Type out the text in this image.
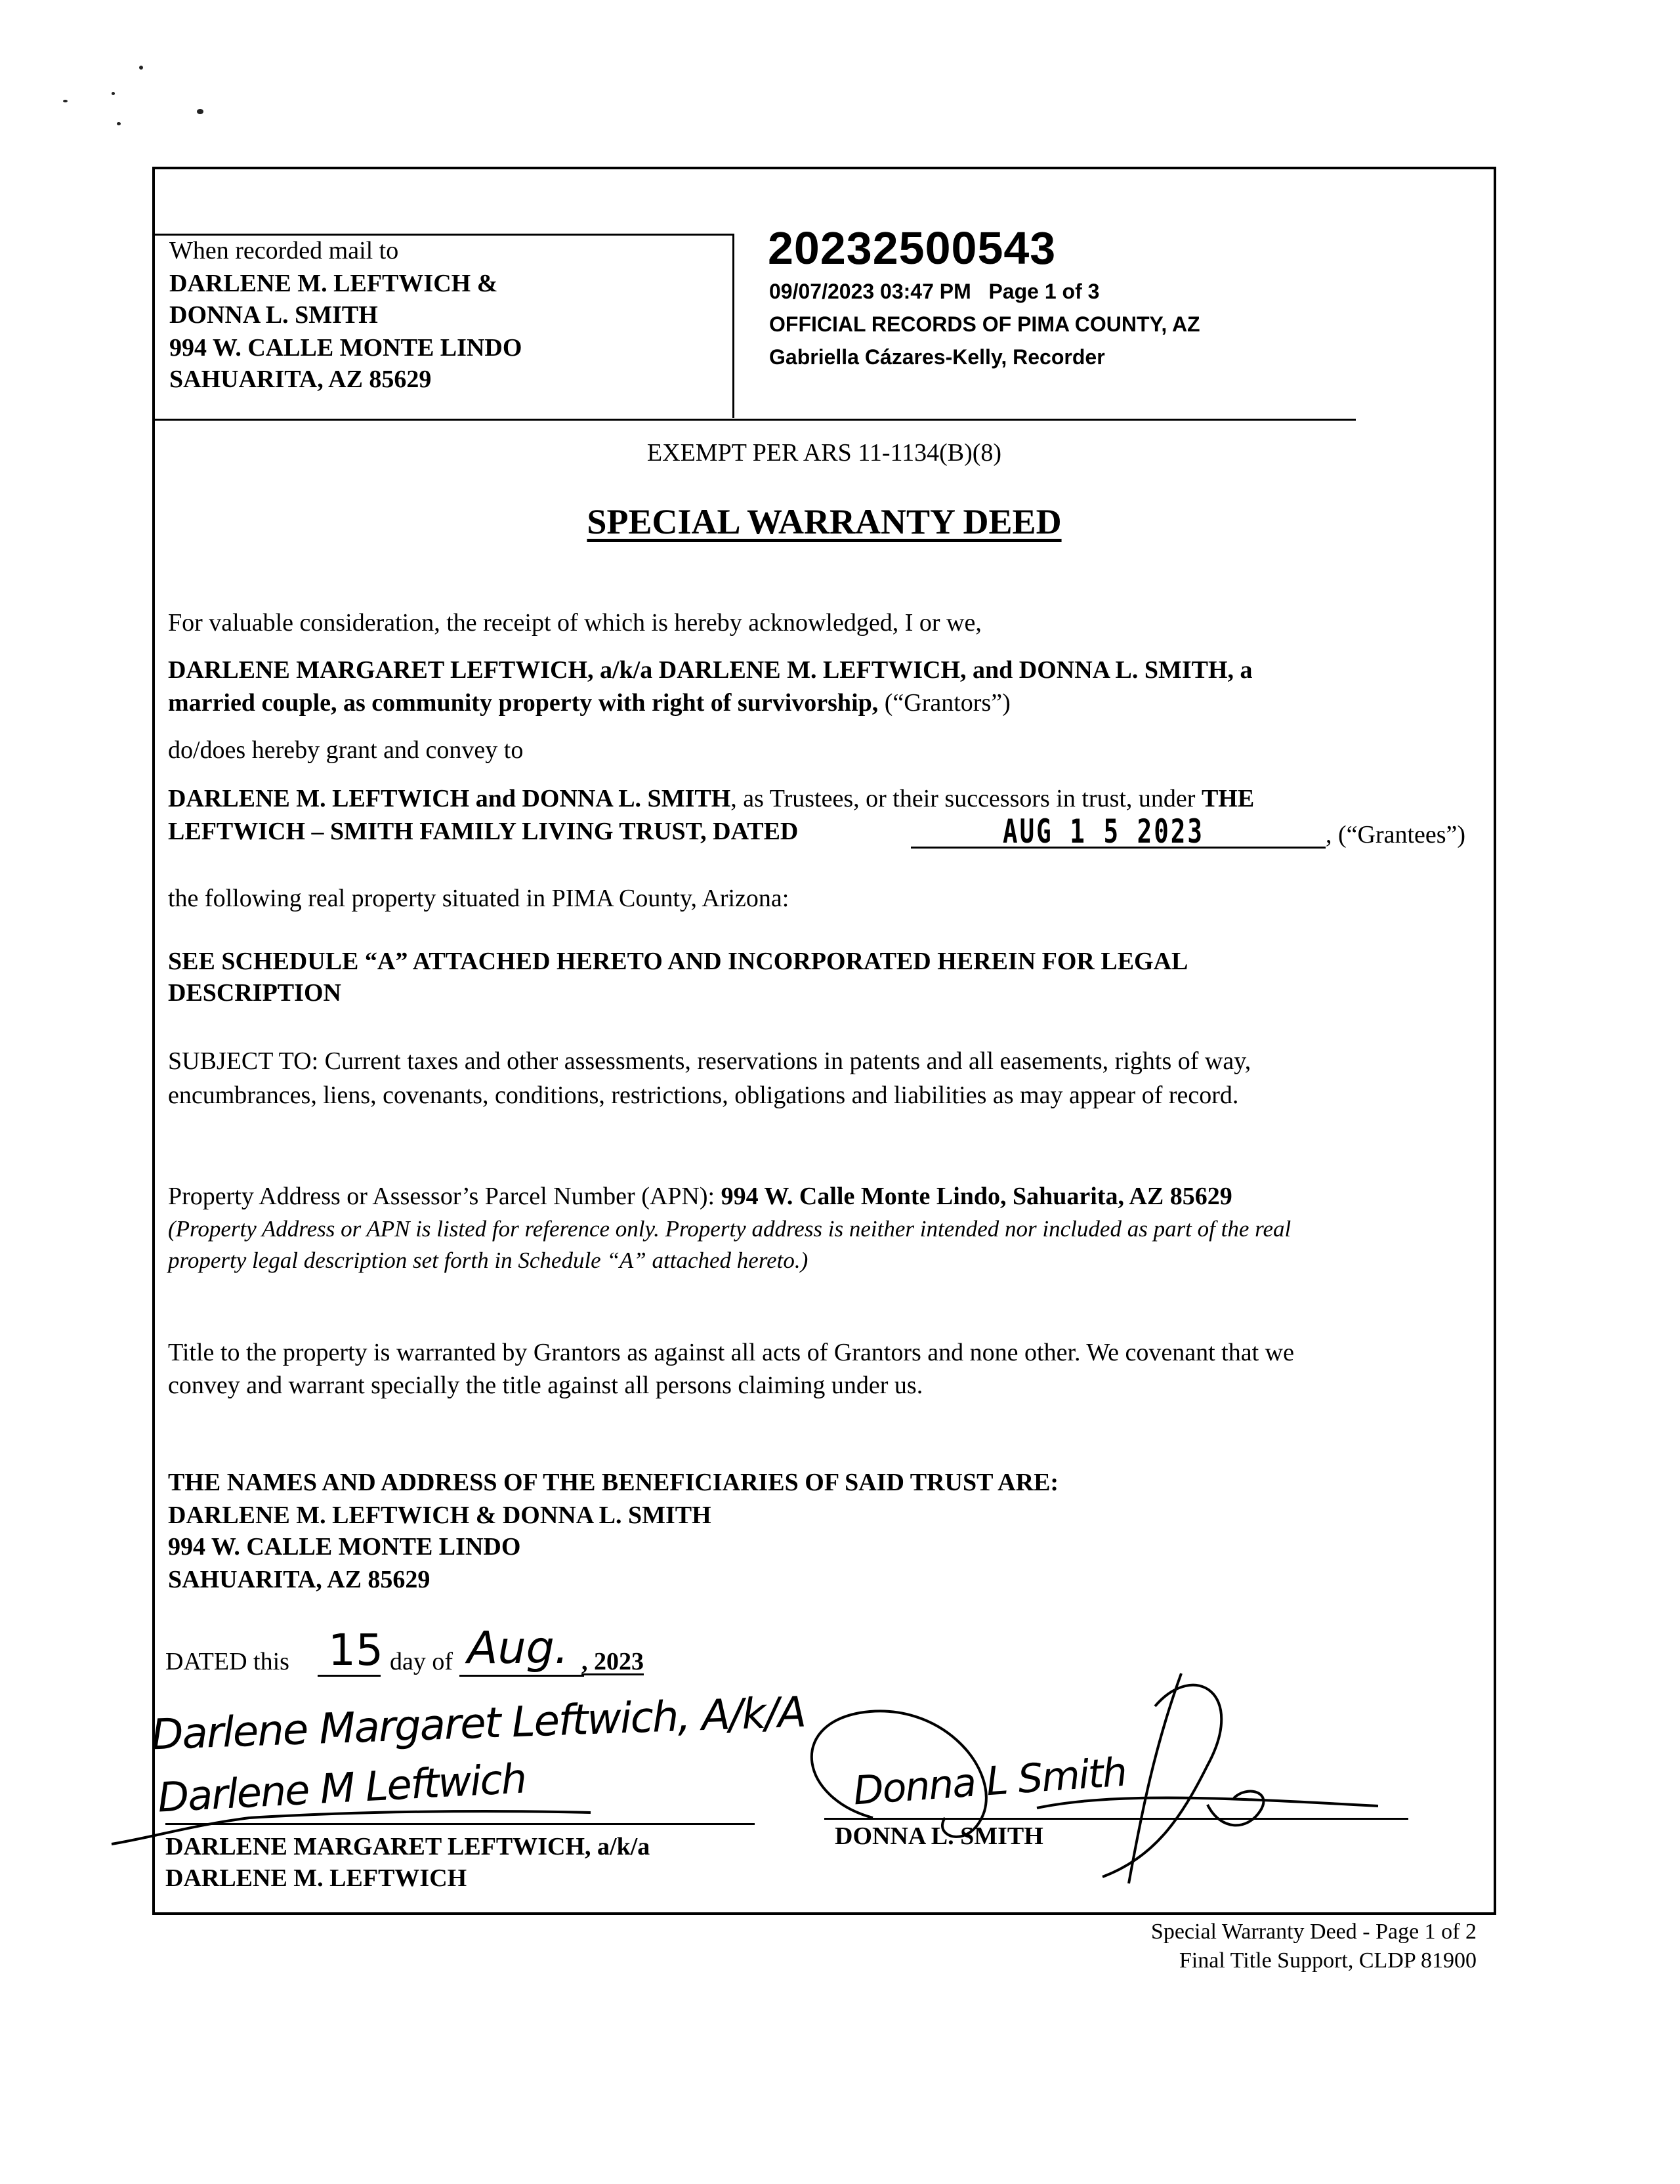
When recorded mail to
DARLENE M. LEFTWICH &
DONNA L. SMITH
994 W. CALLE MONTE LINDO
SAHUARITA, AZ 85629
20232500543
09/07/2023 03:47 PM Page 1 of 3
OFFICIAL RECORDS OF PIMA COUNTY, AZ
Gabriella Cázares-Kelly, Recorder
EXEMPT PER ARS 11-1134(B)(8)
SPECIAL WARRANTY DEED
For valuable consideration, the receipt of which is hereby acknowledged, I or we,
DARLENE MARGARET LEFTWICH, a/k/a DARLENE M. LEFTWICH, and DONNA L. SMITH, a
married couple, as community property with right of survivorship, (“Grantors”)
do/does hereby grant and convey to
DARLENE M. LEFTWICH and DONNA L. SMITH, as Trustees, or their successors in trust, under THE
LEFTWICH – SMITH FAMILY LIVING TRUST, DATED	AUG 1 5 2023	, (“Grantees”)
the following real property situated in PIMA County, Arizona:
SEE SCHEDULE “A” ATTACHED HERETO AND INCORPORATED HEREIN FOR LEGAL
DESCRIPTION
SUBJECT TO: Current taxes and other assessments, reservations in patents and all easements, rights of way,
encumbrances, liens, covenants, conditions, restrictions, obligations and liabilities as may appear of record.
Property Address or Assessor’s Parcel Number (APN): 994 W. Calle Monte Lindo, Sahuarita, AZ 85629
(Property Address or APN is listed for reference only. Property address is neither intended nor included as part of the real
property legal description set forth in Schedule “A” attached hereto.)
Title to the property is warranted by Grantors as against all acts of Grantors and none other. We covenant that we
convey and warrant specially the title against all persons claiming under us.
THE NAMES AND ADDRESS OF THE BENEFICIARIES OF SAID TRUST ARE:
DARLENE M. LEFTWICH & DONNA L. SMITH
994 W. CALLE MONTE LINDO
SAHUARITA, AZ 85629
DATED this 15 day of Aug. , 2023
Darlene Margaret Leftwich, A/k/A
Darlene M Leftwich
DARLENE MARGARET LEFTWICH, a/k/a
DARLENE M. LEFTWICH
Donna L Smith
DONNA L. SMITH
Special Warranty Deed - Page 1 of 2
Final Title Support, CLDP 81900
